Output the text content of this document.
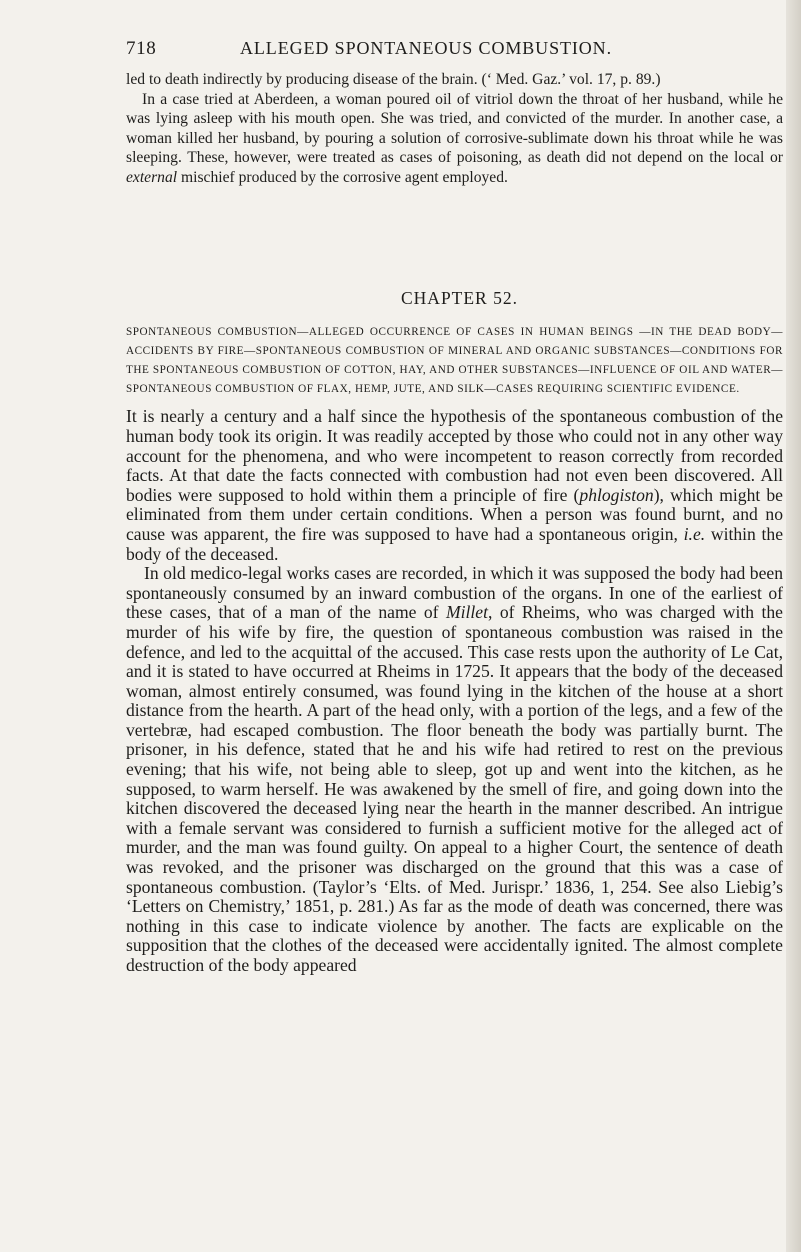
718	ALLEGED SPONTANEOUS COMBUSTION.

led to death indirectly by producing disease of the brain. (‘ Med. Gaz.’ vol. 17, p. 89.)

In a case tried at Aberdeen, a woman poured oil of vitriol down the throat of her husband, while he was lying asleep with his mouth open. She was tried, and convicted of the murder. In another case, a woman killed her husband, by pouring a solution of corrosive-sublimate down his throat while he was sleeping. These, however, were treated as cases of poisoning, as death did not depend on the local or external mischief produced by the corrosive agent employed.

CHAPTER 52.
SPONTANEOUS COMBUSTION—ALLEGED OCCURRENCE OF CASES IN HUMAN BEINGS —IN THE DEAD BODY—ACCIDENTS BY FIRE—SPONTANEOUS COMBUSTION OF MINERAL AND ORGANIC SUBSTANCES—CONDITIONS FOR THE SPONTANEOUS COMBUSTION OF COTTON, HAY, AND OTHER SUBSTANCES—INFLUENCE OF OIL AND WATER—SPONTANEOUS COMBUSTION OF FLAX, HEMP, JUTE, AND SILK—CASES REQUIRING SCIENTIFIC EVIDENCE.

It is nearly a century and a half since the hypothesis of the spontaneous combustion of the human body took its origin. It was readily accepted by those who could not in any other way account for the phenomena, and who were incompetent to reason correctly from recorded facts. At that date the facts connected with combustion had not even been discovered. All bodies were supposed to hold within them a principle of fire (phlogiston), which might be eliminated from them under certain conditions. When a person was found burnt, and no cause was apparent, the fire was supposed to have had a spontaneous origin, i.e. within the body of the deceased.

In old medico-legal works cases are recorded, in which it was supposed the body had been spontaneously consumed by an inward combustion of the organs. In one of the earliest of these cases, that of a man of the name of Millet, of Rheims, who was charged with the murder of his wife by fire, the question of spontaneous combustion was raised in the defence, and led to the acquittal of the accused. This case rests upon the authority of Le Cat, and it is stated to have occurred at Rheims in 1725. It appears that the body of the deceased woman, almost entirely consumed, was found lying in the kitchen of the house at a short distance from the hearth. A part of the head only, with a portion of the legs, and a few of the vertebræ, had escaped combustion. The floor beneath the body was partially burnt. The prisoner, in his defence, stated that he and his wife had retired to rest on the previous evening; that his wife, not being able to sleep, got up and went into the kitchen, as he supposed, to warm herself. He was awakened by the smell of fire, and going down into the kitchen discovered the deceased lying near the hearth in the manner described. An intrigue with a female servant was considered to furnish a sufficient motive for the alleged act of murder, and the man was found guilty. On appeal to a higher Court, the sentence of death was revoked, and the prisoner was discharged on the ground that this was a case of spontaneous combustion. (Taylor’s ‘Elts. of Med. Jurispr.’ 1836, 1, 254. See also Liebig’s ‘Letters on Chemistry,’ 1851, p. 281.) As far as the mode of death was concerned, there was nothing in this case to indicate violence by another. The facts are explicable on the supposition that the clothes of the deceased were accidentally ignited. The almost complete destruction of the body appeared
